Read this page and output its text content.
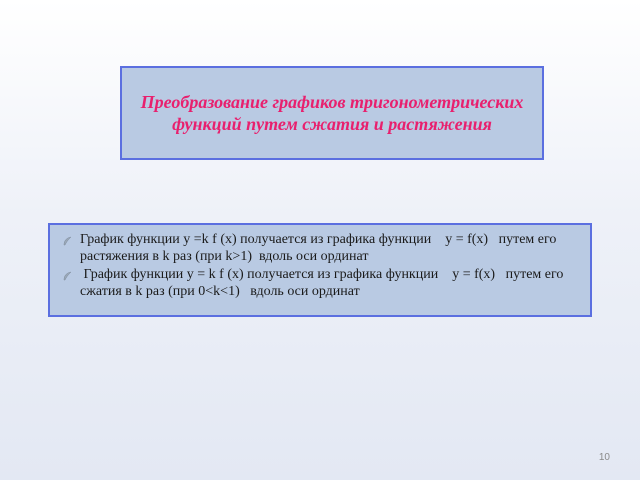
Преобразование графиков тригонометрических функций путем сжатия и растяжения
График функции y =k f (x) получается из графика функции    y = f(x)   путем его растяжения в k раз (при k>1)  вдоль оси ординат
График функции y = k f (x) получается из графика функции    y = f(x)   путем его сжатия в k раз (при 0<k<1)   вдоль оси ординат
10
